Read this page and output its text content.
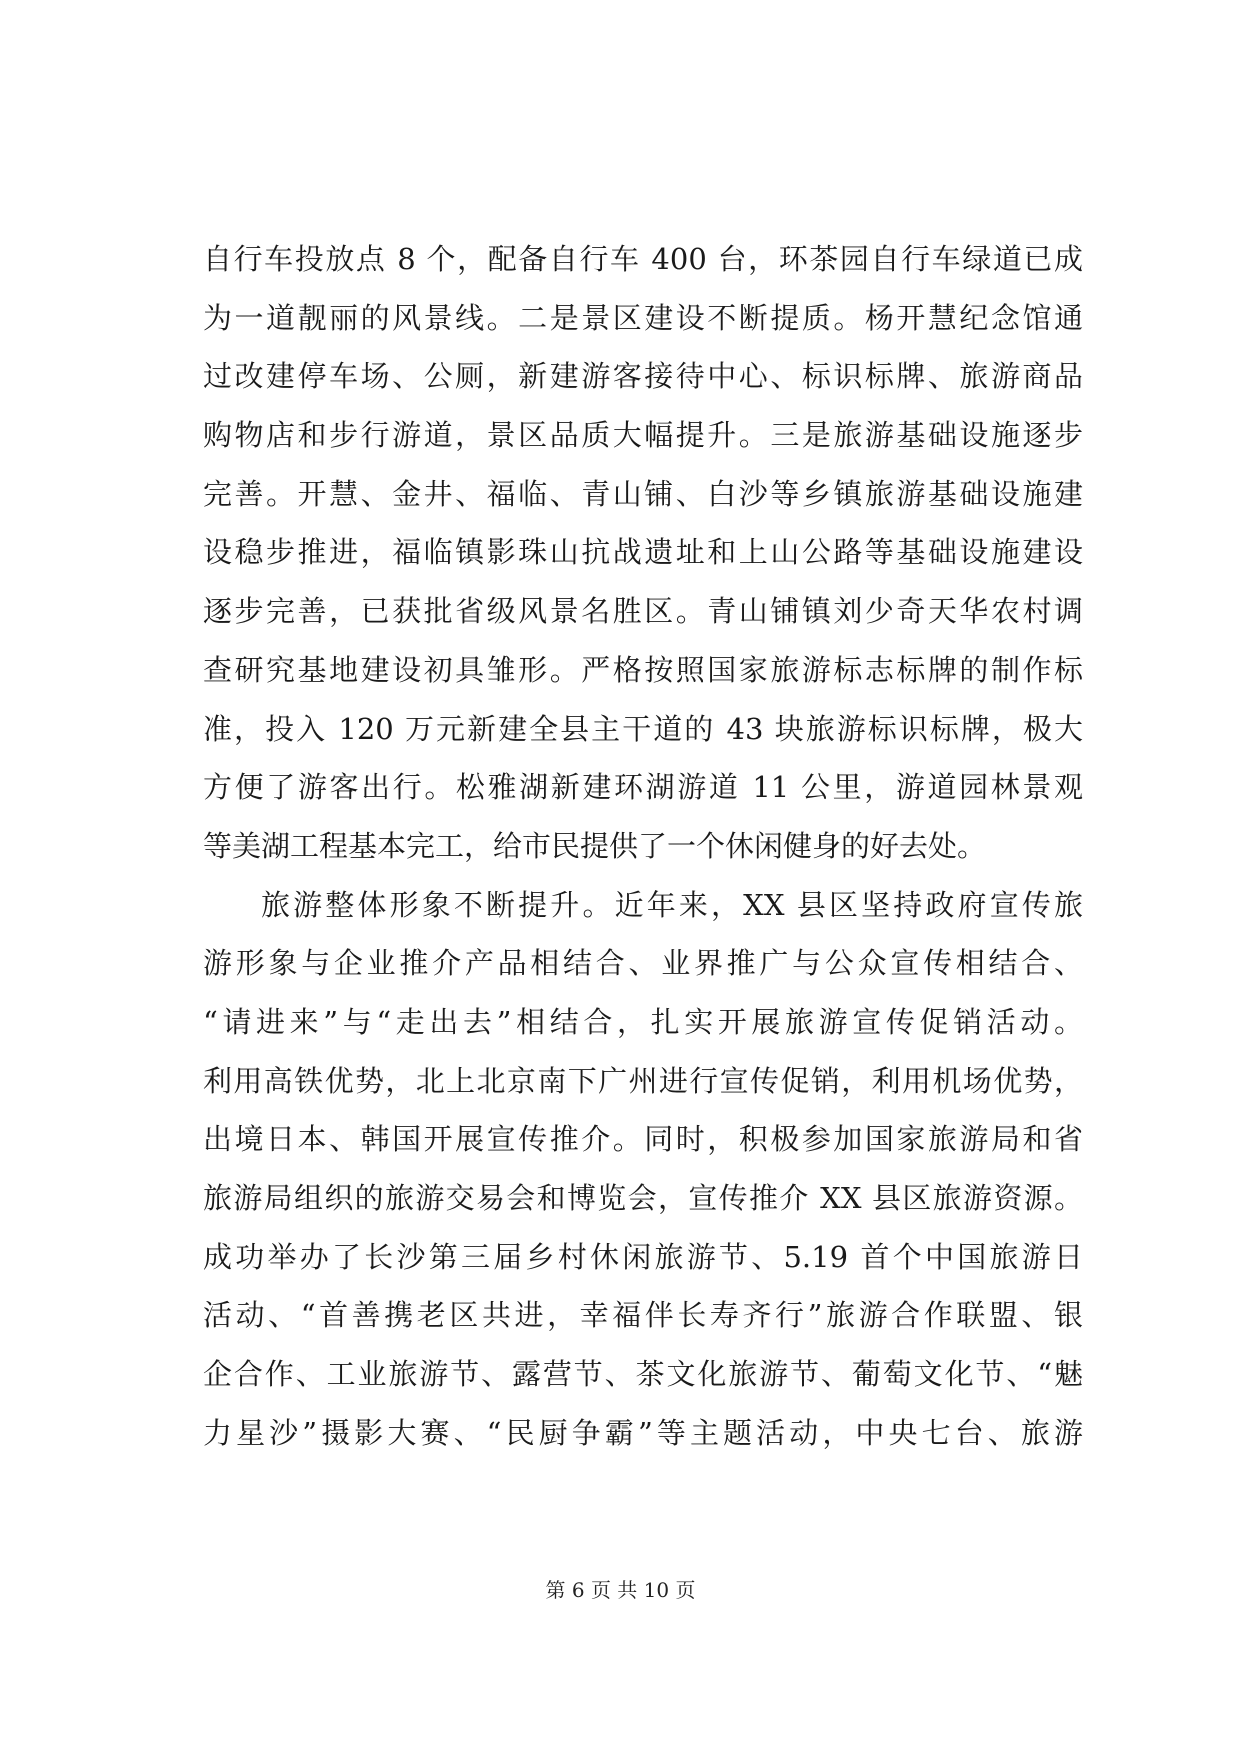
自行车投放点 8 个，配备自行车 400 台，环茶园自行车绿道已成
为一道靓丽的风景线。二是景区建设不断提质。杨开慧纪念馆通
过改建停车场、公厕，新建游客接待中心、标识标牌、旅游商品
购物店和步行游道，景区品质大幅提升。三是旅游基础设施逐步
完善。开慧、金井、福临、青山铺、白沙等乡镇旅游基础设施建
设稳步推进，福临镇影珠山抗战遗址和上山公路等基础设施建设
逐步完善，已获批省级风景名胜区。青山铺镇刘少奇天华农村调
查研究基地建设初具雏形。严格按照国家旅游标志标牌的制作标
准，投入 120 万元新建全县主干道的 43 块旅游标识标牌，极大
方便了游客出行。松雅湖新建环湖游道 11 公里，游道园林景观
等美湖工程基本完工，给市民提供了一个休闲健身的好去处。
旅游整体形象不断提升。近年来，XX 县区坚持政府宣传旅
游形象与企业推介产品相结合、业界推广与公众宣传相结合、
“请进来”与“走出去”相结合，扎实开展旅游宣传促销活动。
利用高铁优势，北上北京南下广州进行宣传促销，利用机场优势，
出境日本、韩国开展宣传推介。同时，积极参加国家旅游局和省
旅游局组织的旅游交易会和博览会，宣传推介 XX 县区旅游资源。
成功举办了长沙第三届乡村休闲旅游节、5.19 首个中国旅游日
活动、“首善携老区共进，幸福伴长寿齐行”旅游合作联盟、银
企合作、工业旅游节、露营节、茶文化旅游节、葡萄文化节、“魅
力星沙”摄影大赛、“民厨争霸”等主题活动，中央七台、旅游
第 6 页 共 10 页
